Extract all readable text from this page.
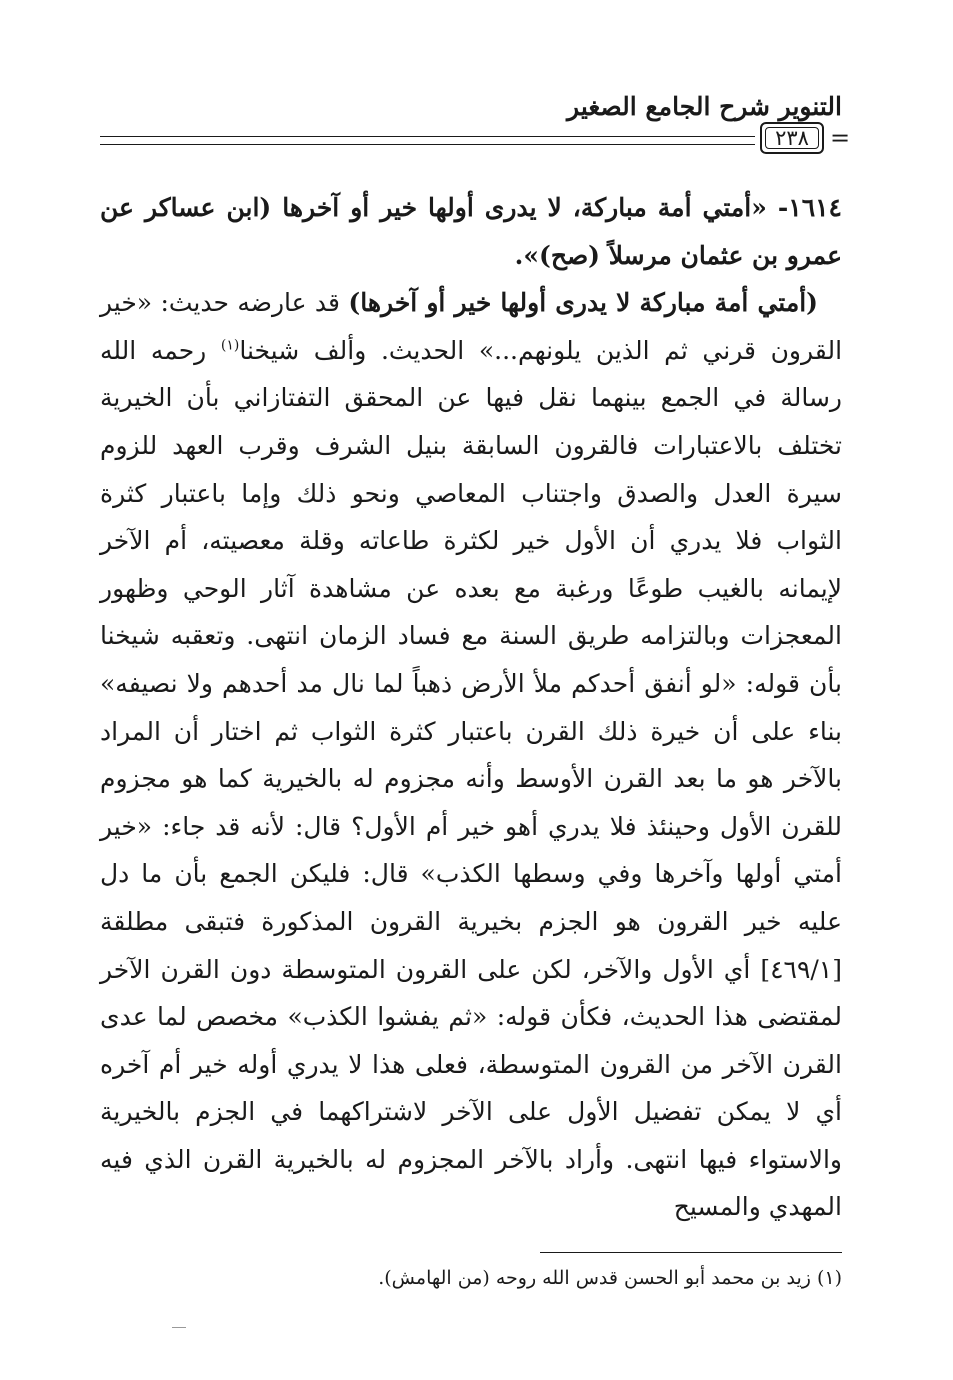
التنوير شرح الجامع الصغير
٢٣٨ =

١٦١٤- «أمتي أمة مباركة، لا يدرى أولها خير أو آخرها (ابن عساكر عن عمرو بن عثمان مرسلاً (صح)».

(أمتي أمة مباركة لا يدرى أولها خير أو آخرها) قد عارضه حديث: «خير القرون قرني ثم الذين يلونهم...» الحديث. وألف شيخنا$^{(١)}$ رحمه الله رسالة في الجمع بينهما نقل فيها عن المحقق التفتازاني بأن الخيرية تختلف بالاعتبارات فالقرون السابقة بنيل الشرف وقرب العهد للزوم سيرة العدل والصدق واجتناب المعاصي ونحو ذلك وإما باعتبار كثرة الثواب فلا يدري أن الأول خير لكثرة طاعاته وقلة معصيته، أم الآخر لإيمانه بالغيب طوعًا ورغبة مع بعده عن مشاهدة آثار الوحي وظهور المعجزات وبالتزامه طريق السنة مع فساد الزمان انتهى. وتعقبه شيخنا بأن قوله: «لو أنفق أحدكم ملأ الأرض ذهباً لما نال مد أحدهم ولا نصيفه» بناء على أن خيرة ذلك القرن باعتبار كثرة الثواب ثم اختار أن المراد بالآخر هو ما بعد القرن الأوسط وأنه مجزوم له بالخيرية كما هو مجزوم للقرن الأول وحينئذ فلا يدري أهو خير أم الأول؟ قال: لأنه قد جاء: «خير أمتي أولها وآخرها وفي وسطها الكذب» قال: فليكن الجمع بأن ما دل عليه خير القرون هو الجزم بخيرية القرون المذكورة فتبقى مطلقة [٤٦٩/١] أي الأول والآخر، لكن على القرون المتوسطة دون القرن الآخر لمقتضى هذا الحديث، فكأن قوله: «ثم يفشوا الكذب» مخصص لما عدى القرن الآخر من القرون المتوسطة، فعلى هذا لا يدري أوله خير أم آخره أي لا يمكن تفضيل الأول على الآخر لاشتراكهما في الجزم بالخيرية والاستواء فيها انتهى. وأراد بالآخر المجزوم له بالخيرية القرن الذي فيه المهدي والمسيح

(١) زيد بن محمد أبو الحسن قدس الله روحه (من الهامش).
